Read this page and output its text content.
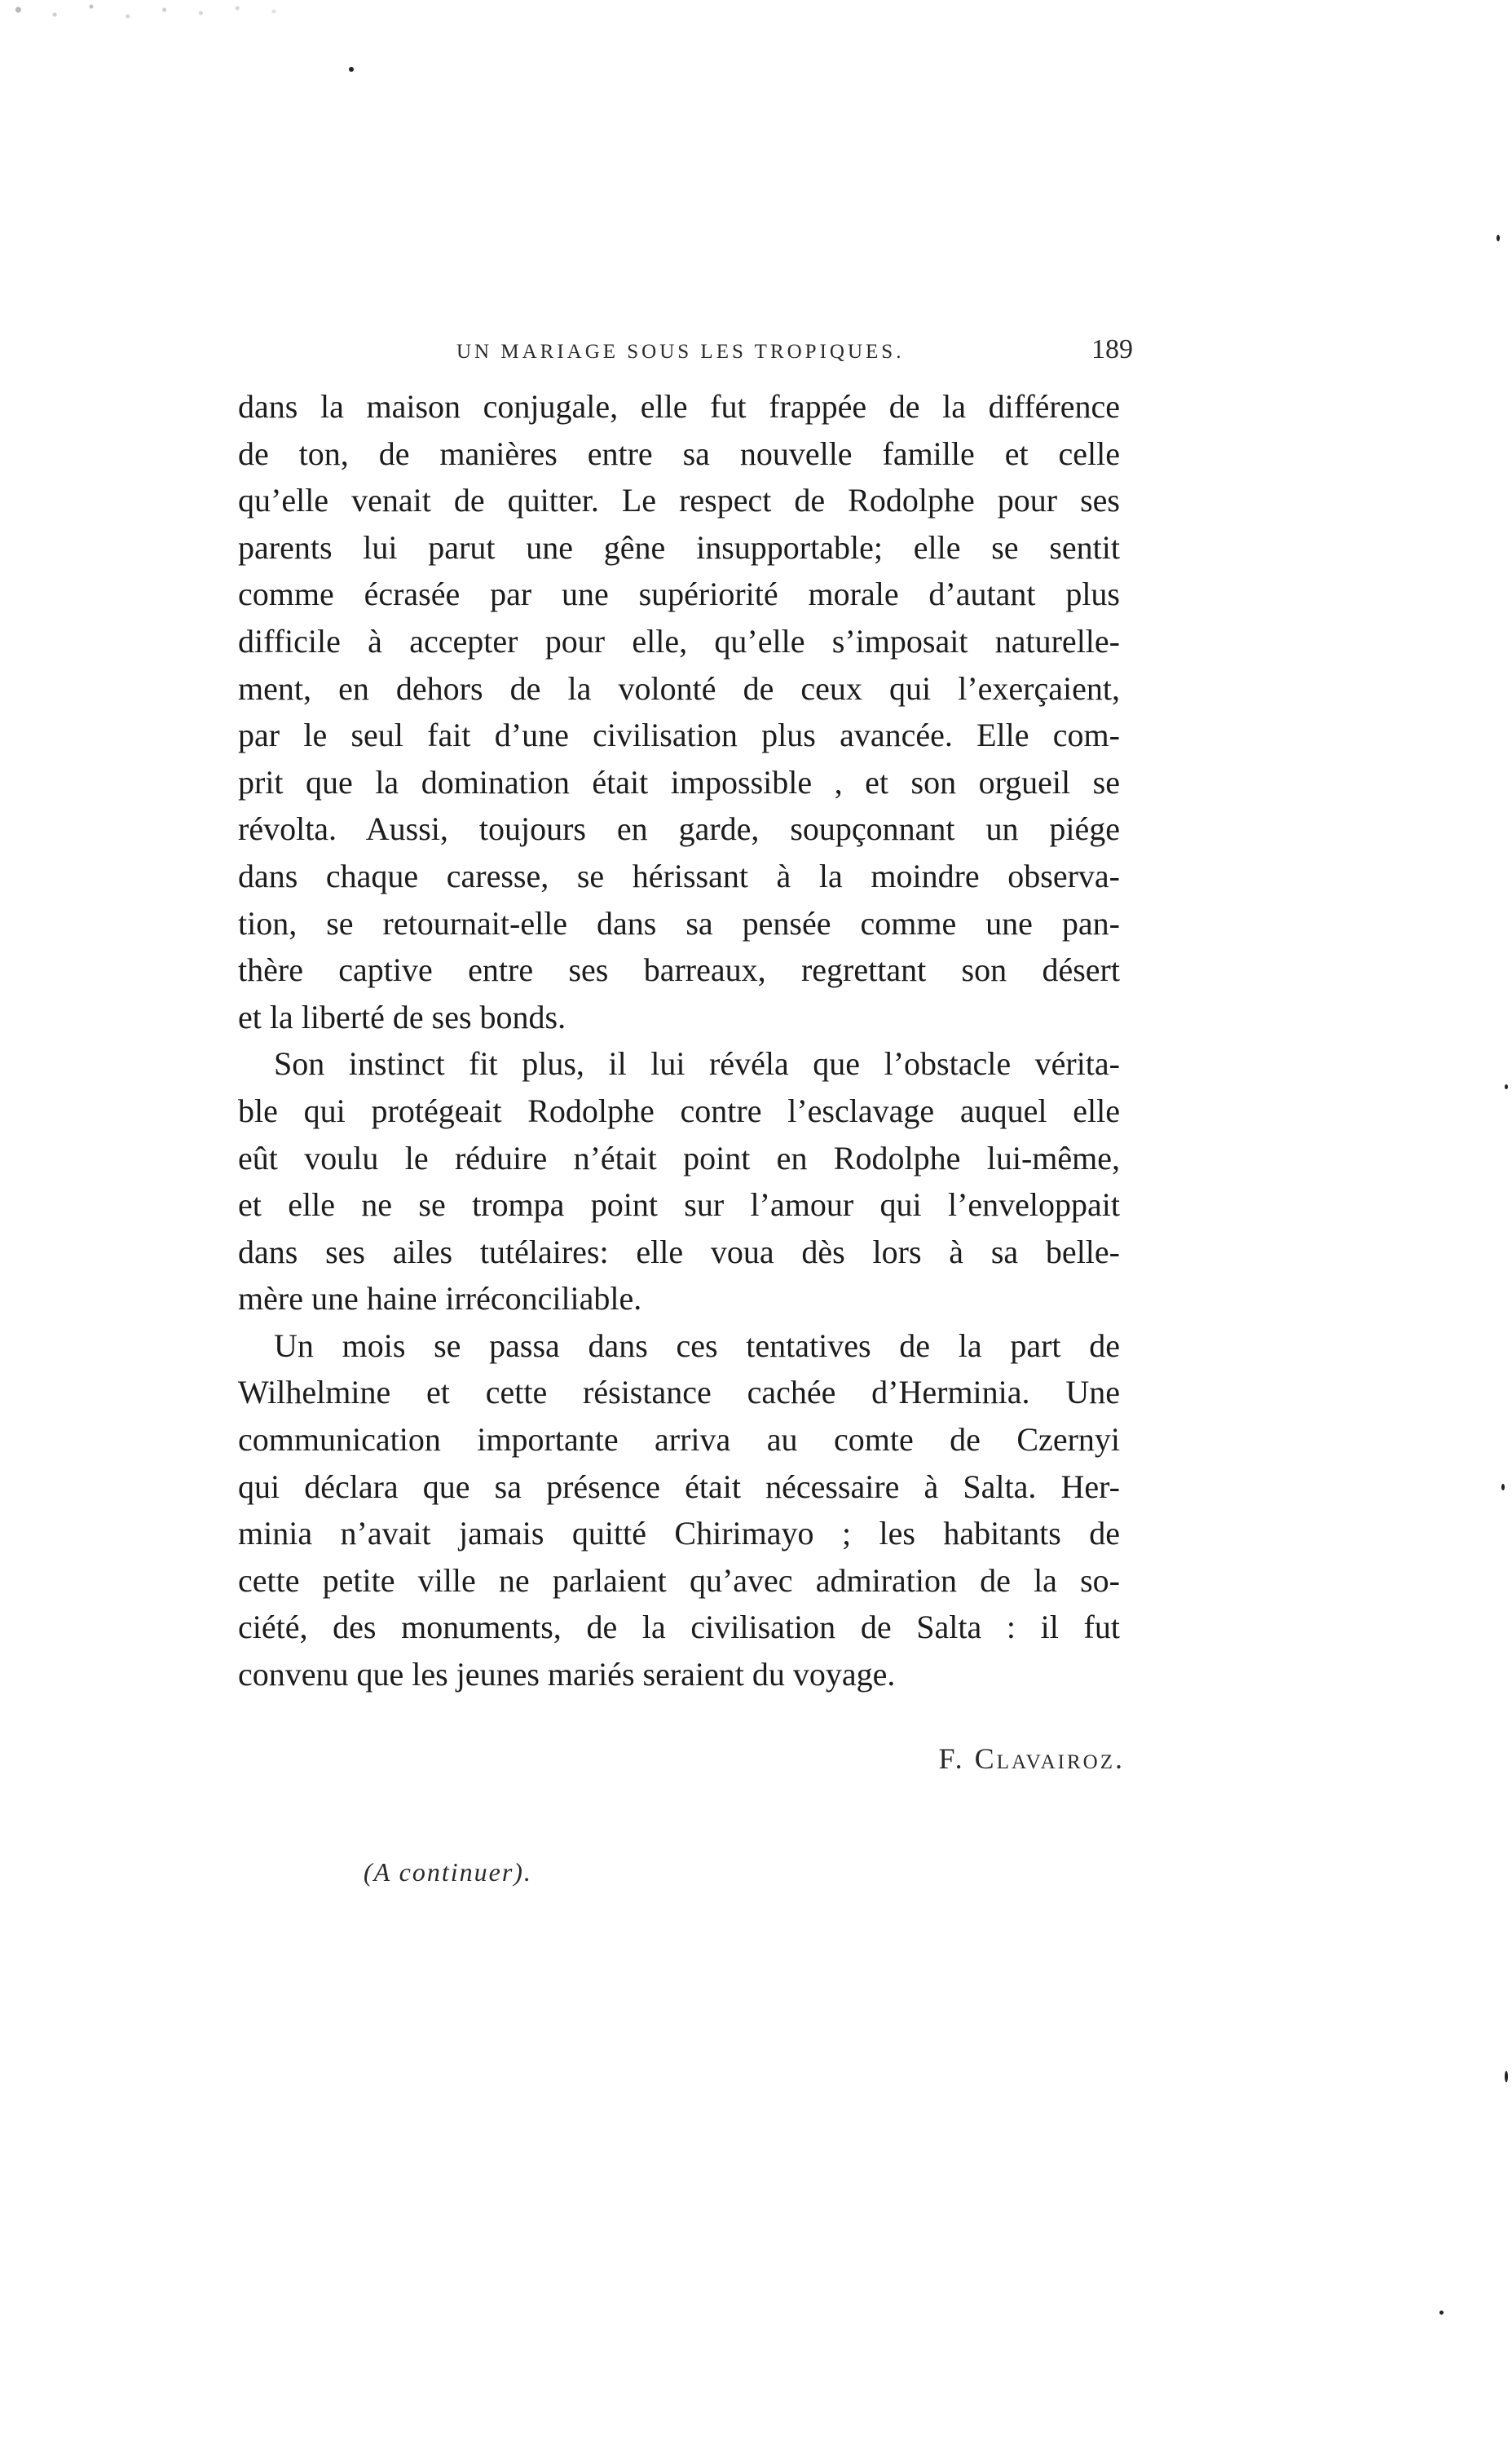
UN MARIAGE SOUS LES TROPIQUES.	189
dans la maison conjugale, elle fut frappée de la différence
de ton, de manières entre sa nouvelle famille et celle
qu’elle venait de quitter. Le respect de Rodolphe pour ses
parents lui parut une gêne insupportable; elle se sentit
comme écrasée par une supériorité morale d’autant plus
difficile à accepter pour elle, qu’elle s’imposait naturelle-
ment, en dehors de la volonté de ceux qui l’exerçaient,
par le seul fait d’une civilisation plus avancée. Elle com-
prit que la domination était impossible , et son orgueil se
révolta. Aussi, toujours en garde, soupçonnant un piége
dans chaque caresse, se hérissant à la moindre observa-
tion, se retournait-elle dans sa pensée comme une pan-
thère captive entre ses barreaux, regrettant son désert
et la liberté de ses bonds.
Son instinct fit plus, il lui révéla que l’obstacle vérita-
ble qui protégeait Rodolphe contre l’esclavage auquel elle
eût voulu le réduire n’était point en Rodolphe lui-même,
et elle ne se trompa point sur l’amour qui l’enveloppait
dans ses ailes tutélaires: elle voua dès lors à sa belle-
mère une haine irréconciliable.
Un mois se passa dans ces tentatives de la part de
Wilhelmine et cette résistance cachée d’Herminia. Une
communication importante arriva au comte de Czernyi
qui déclara que sa présence était nécessaire à Salta. Her-
minia n’avait jamais quitté Chirimayo ; les habitants de
cette petite ville ne parlaient qu’avec admiration de la so-
ciété, des monuments, de la civilisation de Salta : il fut
convenu que les jeunes mariés seraient du voyage.
F. Clavairoz.
(A continuer).
